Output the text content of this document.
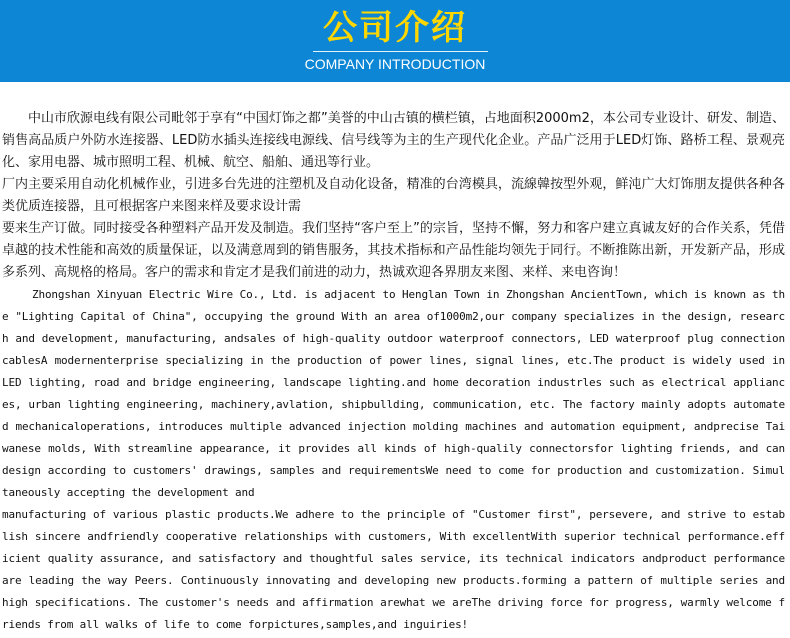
公司介绍
COMPANY INTRODUCTION

中山市欣源电线有限公司毗邻于享有“中国灯饰之都”美誉的中山古镇的横栏镇，占地面积2000m2，本公司专业设计、研发、制造、销售高品质户外防水连接器、LED防水插头连接线电源线、信号线等为主的生产现代化企业。产品广泛用于LED灯饰、路桥工程、景观亮化、家用电器、城市照明工程、机械、航空、船舶、通迅等行业。

厂内主要采用自动化机械作业，引进多台先进的注塑机及自动化设备，精准的台湾模具，流線韓按型外观，鲜沌广大灯饰朋友提供各种各类优质连接器，且可根据客户来图来样及要求设计需

要来生产订做。同时接受各种塑料产品开发及制造。我们坚持“客户至上”的宗旨，坚持不懈，努力和客户建立真诚友好的合作关系，凭借卓越的技术性能和高效的质量保证，以及满意周到的销售服务，其技术指标和产品性能均领先于同行。不断推陈出新，开发新产品，形成多系列、高规格的格局。客户的需求和肯定才是我们前进的动力，热诚欢迎各界朋友来图、来样、来电咨询！

Zhongshan Xinyuan Electric Wire Co., Ltd. is adjacent to Henglan Town in Zhongshan AncientTown, which is known as the "Lighting Capital of China", occupying the ground With an area of1000m2,our company specializes in the design, research and development, manufacturing, andsales of high-quality outdoor waterproof connectors, LED waterproof plug connection cablesA modernenterprise specializing in the production of power lines, signal lines, etc.The product is widely used in LED lighting, road and bridge engineering, landscape lighting.and home decoration industrles such as electrical appliances, urban lighting engineering, machinery,avlation, shipbullding, communication, etc. The factory mainly adopts automated mechanicaloperations, introduces multiple advanced injection molding machines and automation equipment, andprecise Taiwanese molds, With streamline appearance, it provides all kinds of high-qualily connectorsfor lighting friends, and can design according to customers' drawings, samples and requirementsWe need to come for production and customization. Simultaneously accepting the development and

manufacturing of various plastic products.We adhere to the principle of "Customer first", persevere, and strive to establish sincere andfriendly cooperative relationships with customers, With excellentWith superior technical performance.efficient quality assurance, and satisfactory and thoughtful sales service, its technical indicators andproduct performance are leading the way Peers. Continuously innovating and developing new products.forming a pattern of multiple series and high specifications. The customer's needs and affirmation arewhat we areThe driving force for progress, warmly welcome friends from all walks of life to come forpictures,samples,and inguiries!
